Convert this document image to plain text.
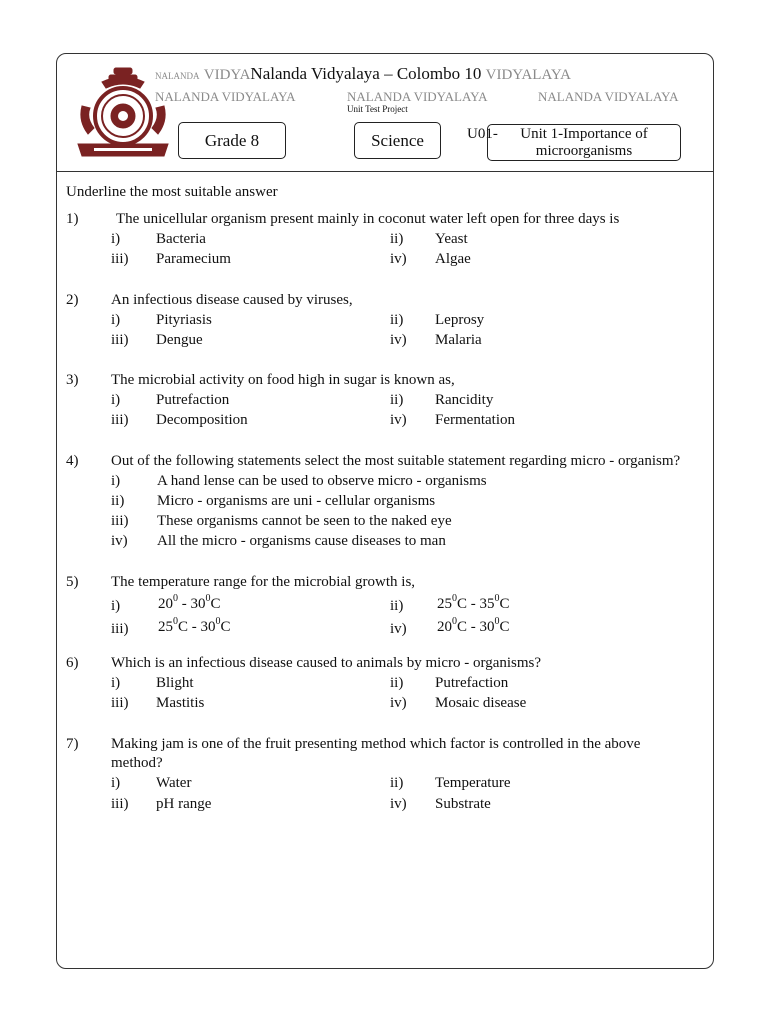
NALANDA VIDYANalanda Vidyalaya – Colombo 10 VIDYALAYA
NALANDA VIDYALAYA	NALANDA VIDYALAYA	NALANDA VIDYALAYA
Unit Test Project
Grade 8	Science	U01-	Unit 1-Importance of
microorganisms
Underline the most suitable answer
1)	The unicellular organism present mainly in coconut water left open for three days is
i) Bacteria	ii) Yeast
iii) Paramecium	iv) Algae
2) An infectious disease caused by viruses,
i) Pityriasis	ii) Leprosy
iii) Dengue	iv) Malaria
3) The microbial activity on food high in sugar is known as,
i) Putrefaction	ii) Rancidity
iii) Decomposition	iv) Fermentation
4) Out of the following statements select the most suitable statement regarding micro - organism?
i) A hand lense can be used to observe micro - organisms
ii) Micro - organisms are uni - cellular organisms
iii) These organisms cannot be seen to the naked eye
iv) All the micro - organisms cause diseases to man
5) The temperature range for the microbial growth is,
i)	$20^0 - 30^0C$	ii) $25^0C - 35^0C$
iii) $25^0C - 30^0C$	iv) $20^0C - 30^0C$
6) Which is an infectious disease caused to animals by micro - organisms?
i) Blight	ii) Putrefaction
iii) Mastitis	iv) Mosaic disease
7) Making jam is one of the fruit presenting method which factor is controlled in the above
method?
i) Water	ii) Temperature
iii) pH range	iv) Substrate
